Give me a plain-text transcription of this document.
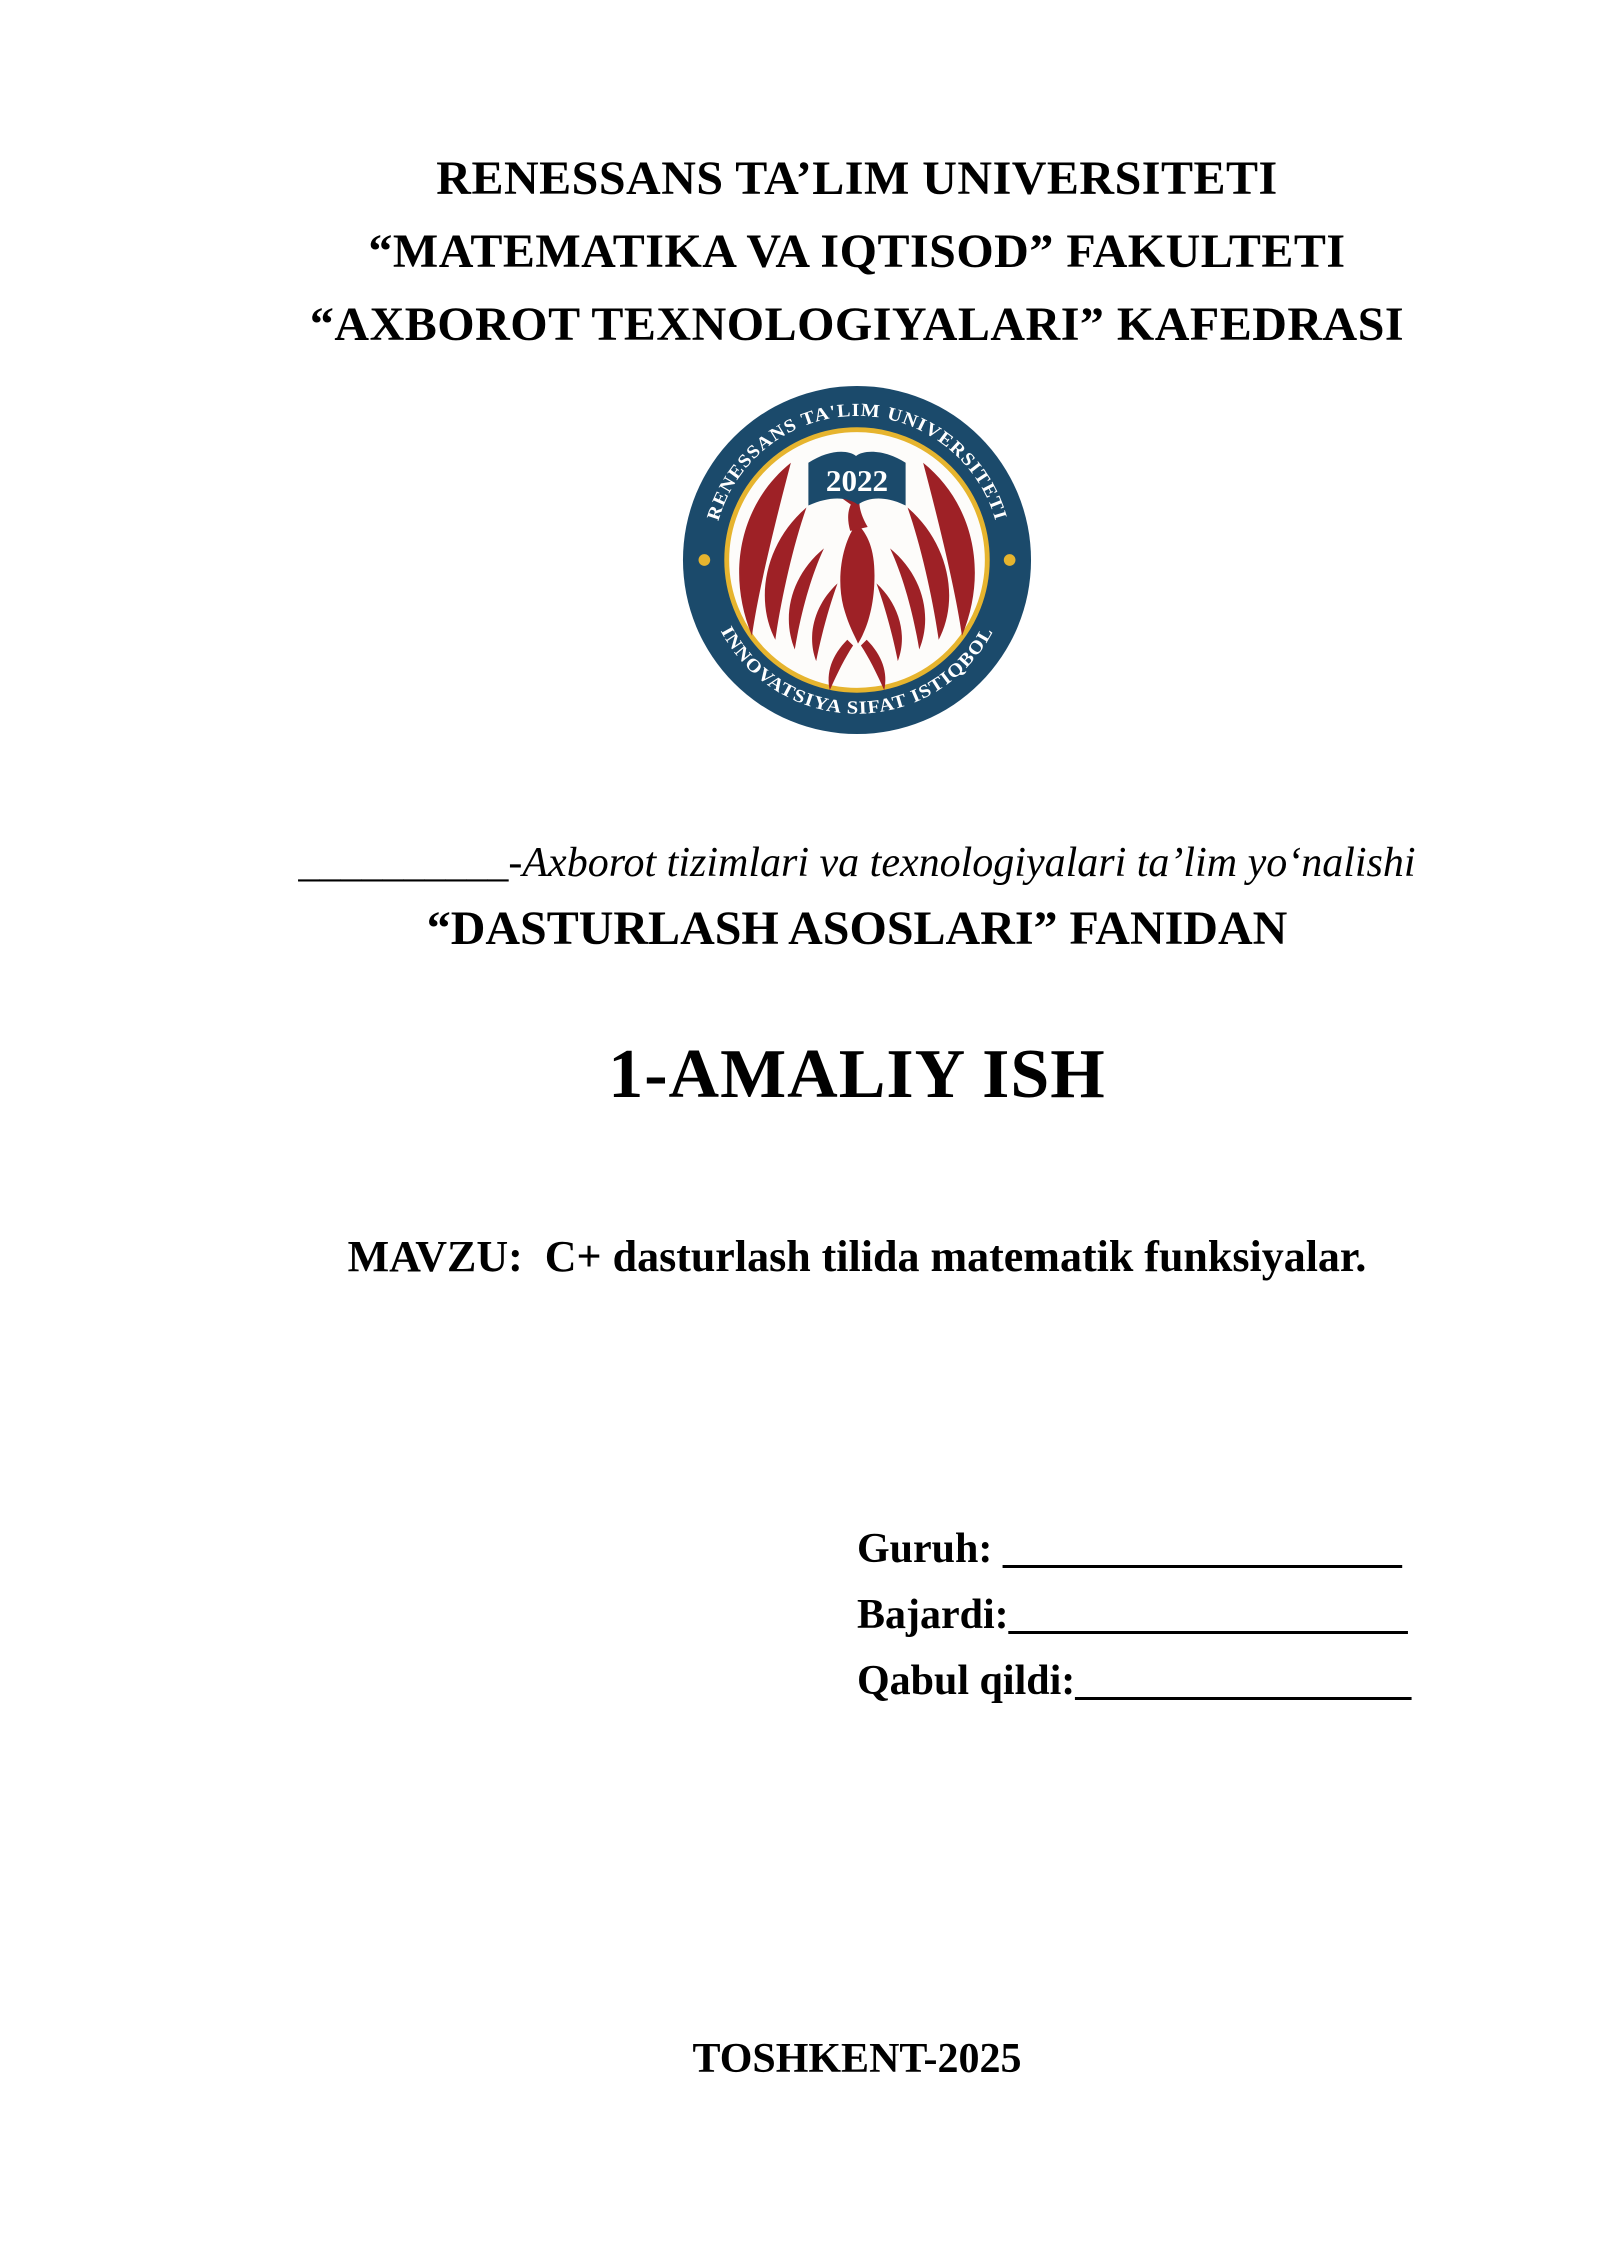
RENESSANS TA’LIM UNIVERSITETI
“MATEMATIKA VA IQTISOD” FAKULTETI
“AXBOROT TEXNOLOGIYALARI” KAFEDRASI
RENESSANS TA'LIM UNIVERSITETI
INNOVATSIYA SIFAT ISTIQBOL
2022
__________-Axborot tizimlari va texnologiyalari ta’lim yo‘nalishi
“DASTURLASH ASOSLARI” FANIDAN
1-AMALIY ISH
MAVZU:  C+ dasturlash tilida matematik funksiyalar.
Guruh: ___________________
Bajardi:___________________
Qabul qildi:________________
TOSHKENT-2025
